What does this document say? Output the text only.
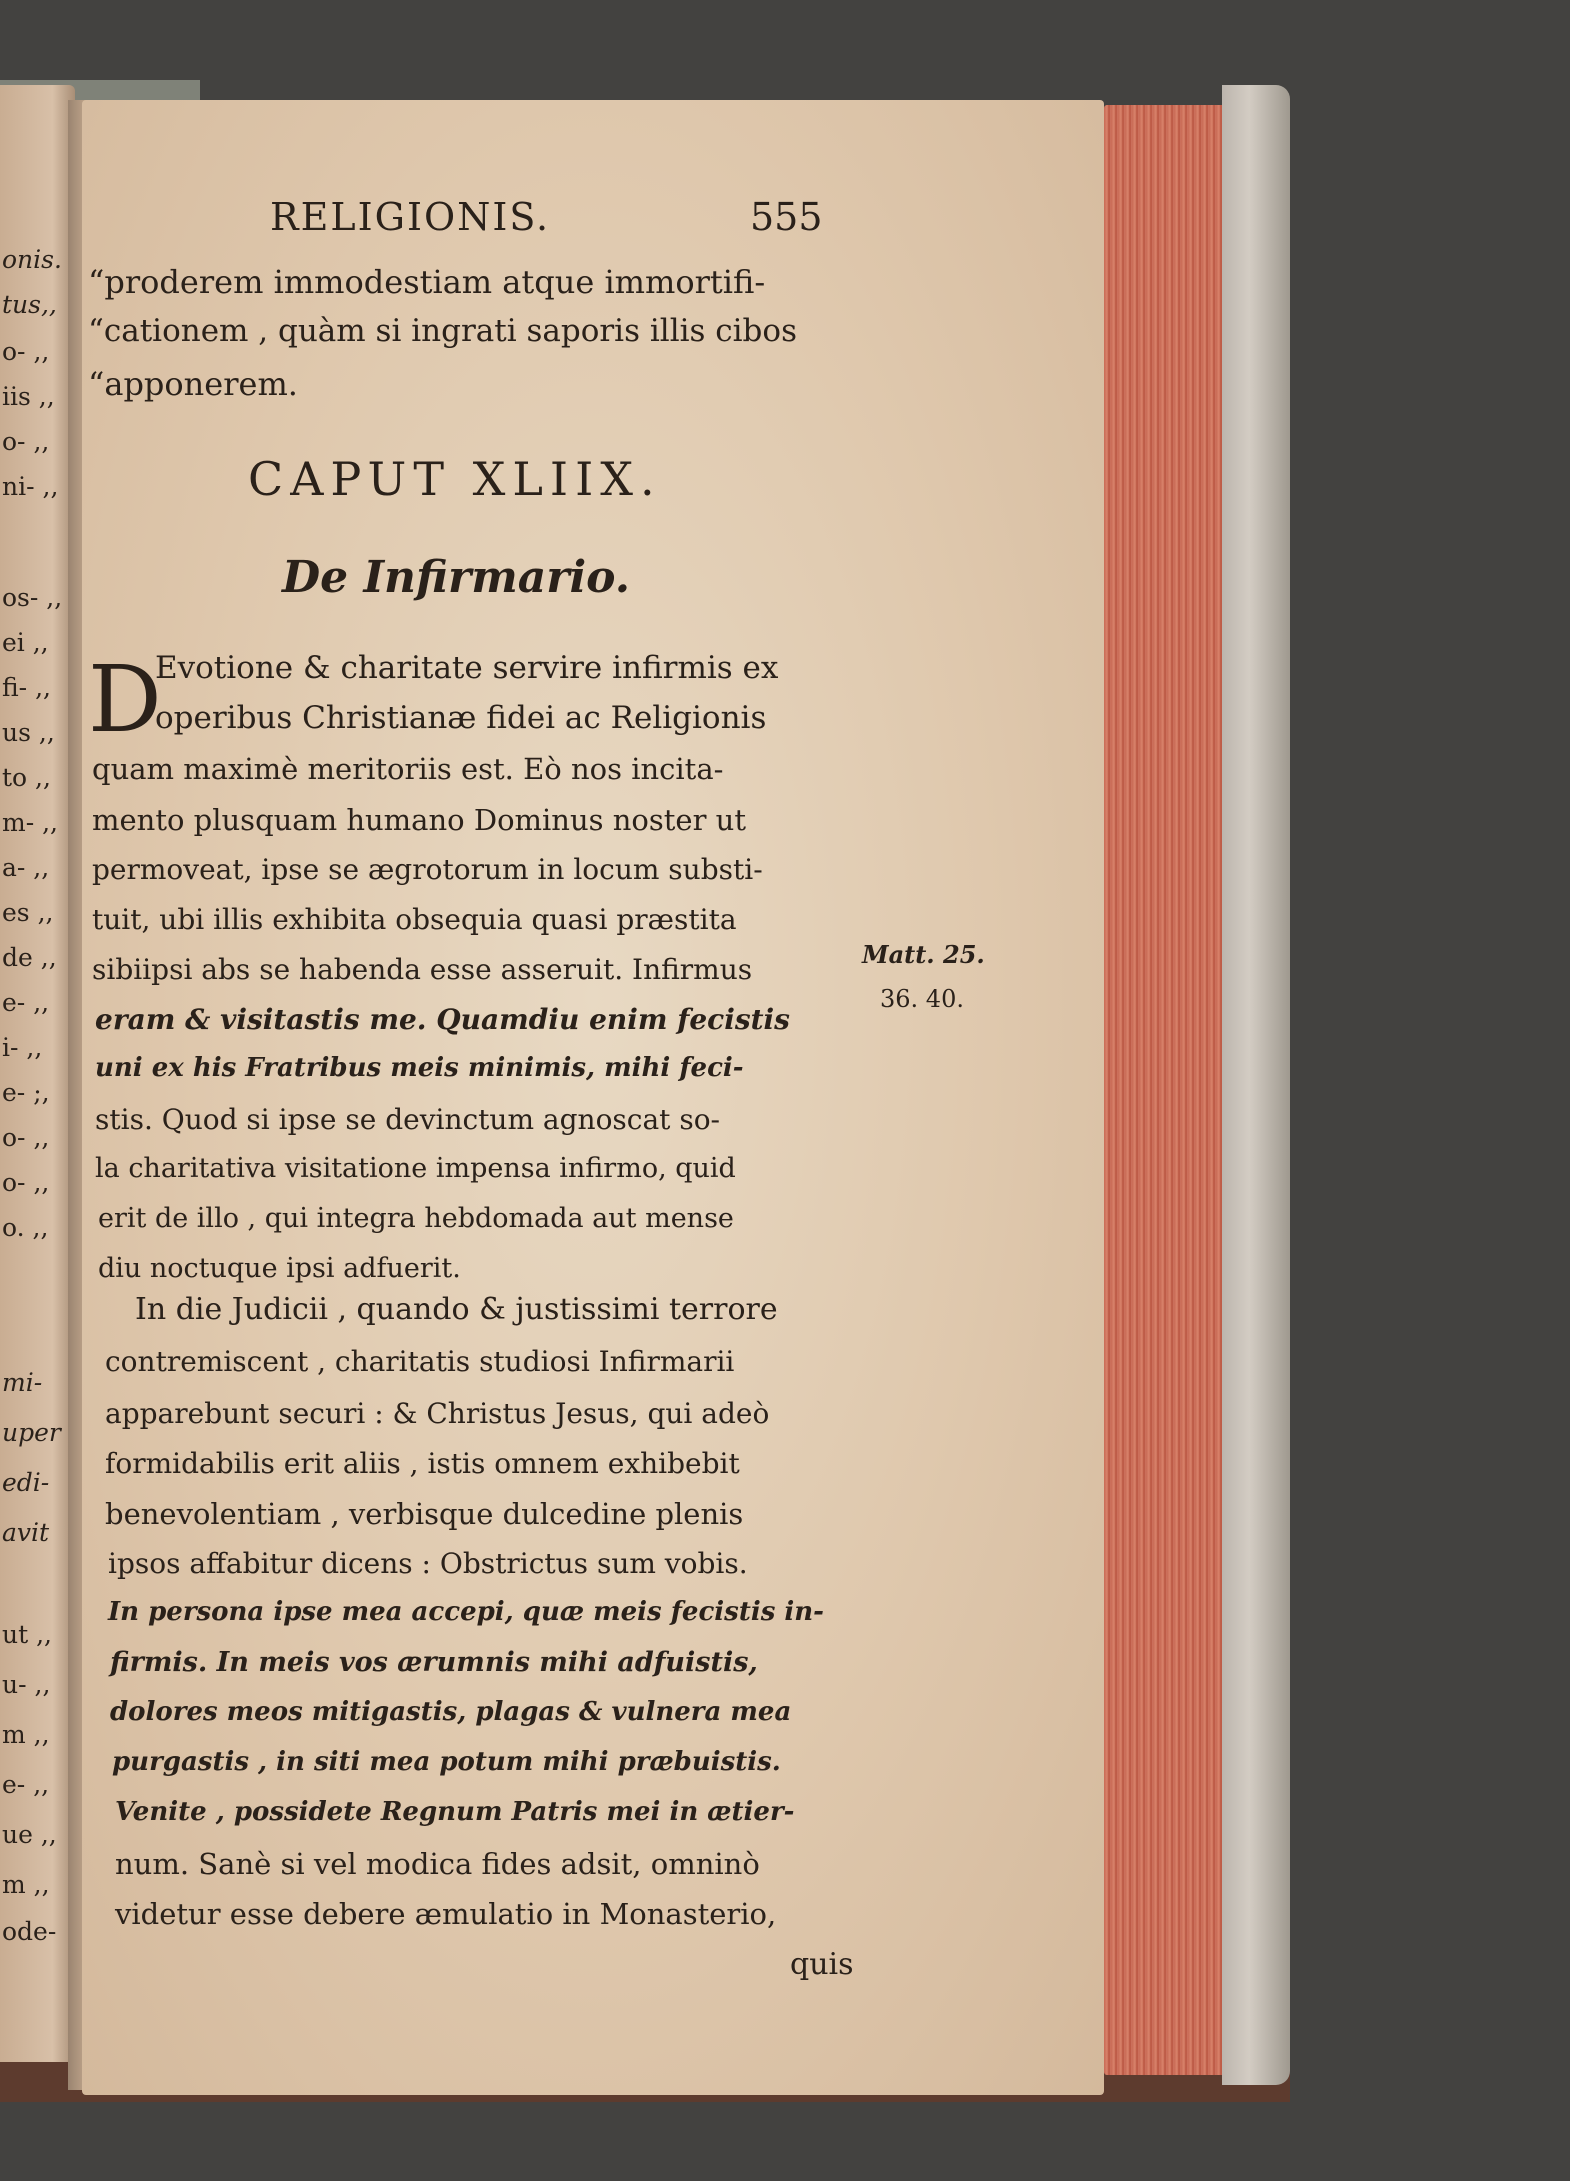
onis.
tus,,
o- ,,
iis ,,
o- ,,
ni- ,,
os- ,,
ei ,,
fi- ,,
us ,,
to ,,
m- ,,
a- ,,
es ,,
de ,,
e- ,,
i- ,,
e- ;,
o- ,,
o- ,,
o. ,,
mi-
uper
edi-
avit
ut ,,
u- ,,
m ,,
e- ,,
ue ,,
m ,,
ode-
RELIGIONIS.	555
“proderem immodestiam atque immortifi-
“cationem , quàm si ingrati saporis illis cibos
“apponerem.
CAPUT XLIIX.
De Infirmario.
D
Evotione & charitate servire infirmis ex
operibus Christianæ fidei ac Religionis
quam maximè meritoriis est. Eò nos incita-
mento plusquam humano Dominus noster ut
permoveat, ipse se ægrotorum in locum substi-
tuit, ubi illis exhibita obsequia quasi præstita
sibiipsi abs se habenda esse asseruit. Infirmus
eram & visitastis me. Quamdiu enim fecistis
uni ex his Fratribus meis minimis, mihi feci-
stis. Quod si ipse se devinctum agnoscat so-
la charitativa visitatione impensa infirmo, quid
erit de illo , qui integra hebdomada aut mense
diu noctuque ipsi adfuerit.
Matt. 25.
36. 40.
In die Judicii , quando & justissimi terrore
contremiscent , charitatis studiosi Infirmarii
apparebunt securi : & Christus Jesus, qui adeò
formidabilis erit aliis , istis omnem exhibebit
benevolentiam , verbisque dulcedine plenis
ipsos affabitur dicens : Obstrictus sum vobis.
In persona ipse mea accepi, quæ meis fecistis in-
firmis. In meis vos ærumnis mihi adfuistis,
dolores meos mitigastis, plagas & vulnera mea
purgastis , in siti mea potum mihi præbuistis.
Venite , possidete Regnum Patris mei in ætier-
num. Sanè si vel modica fides adsit, omninò
videtur esse debere æmulatio in Monasterio,
quis
